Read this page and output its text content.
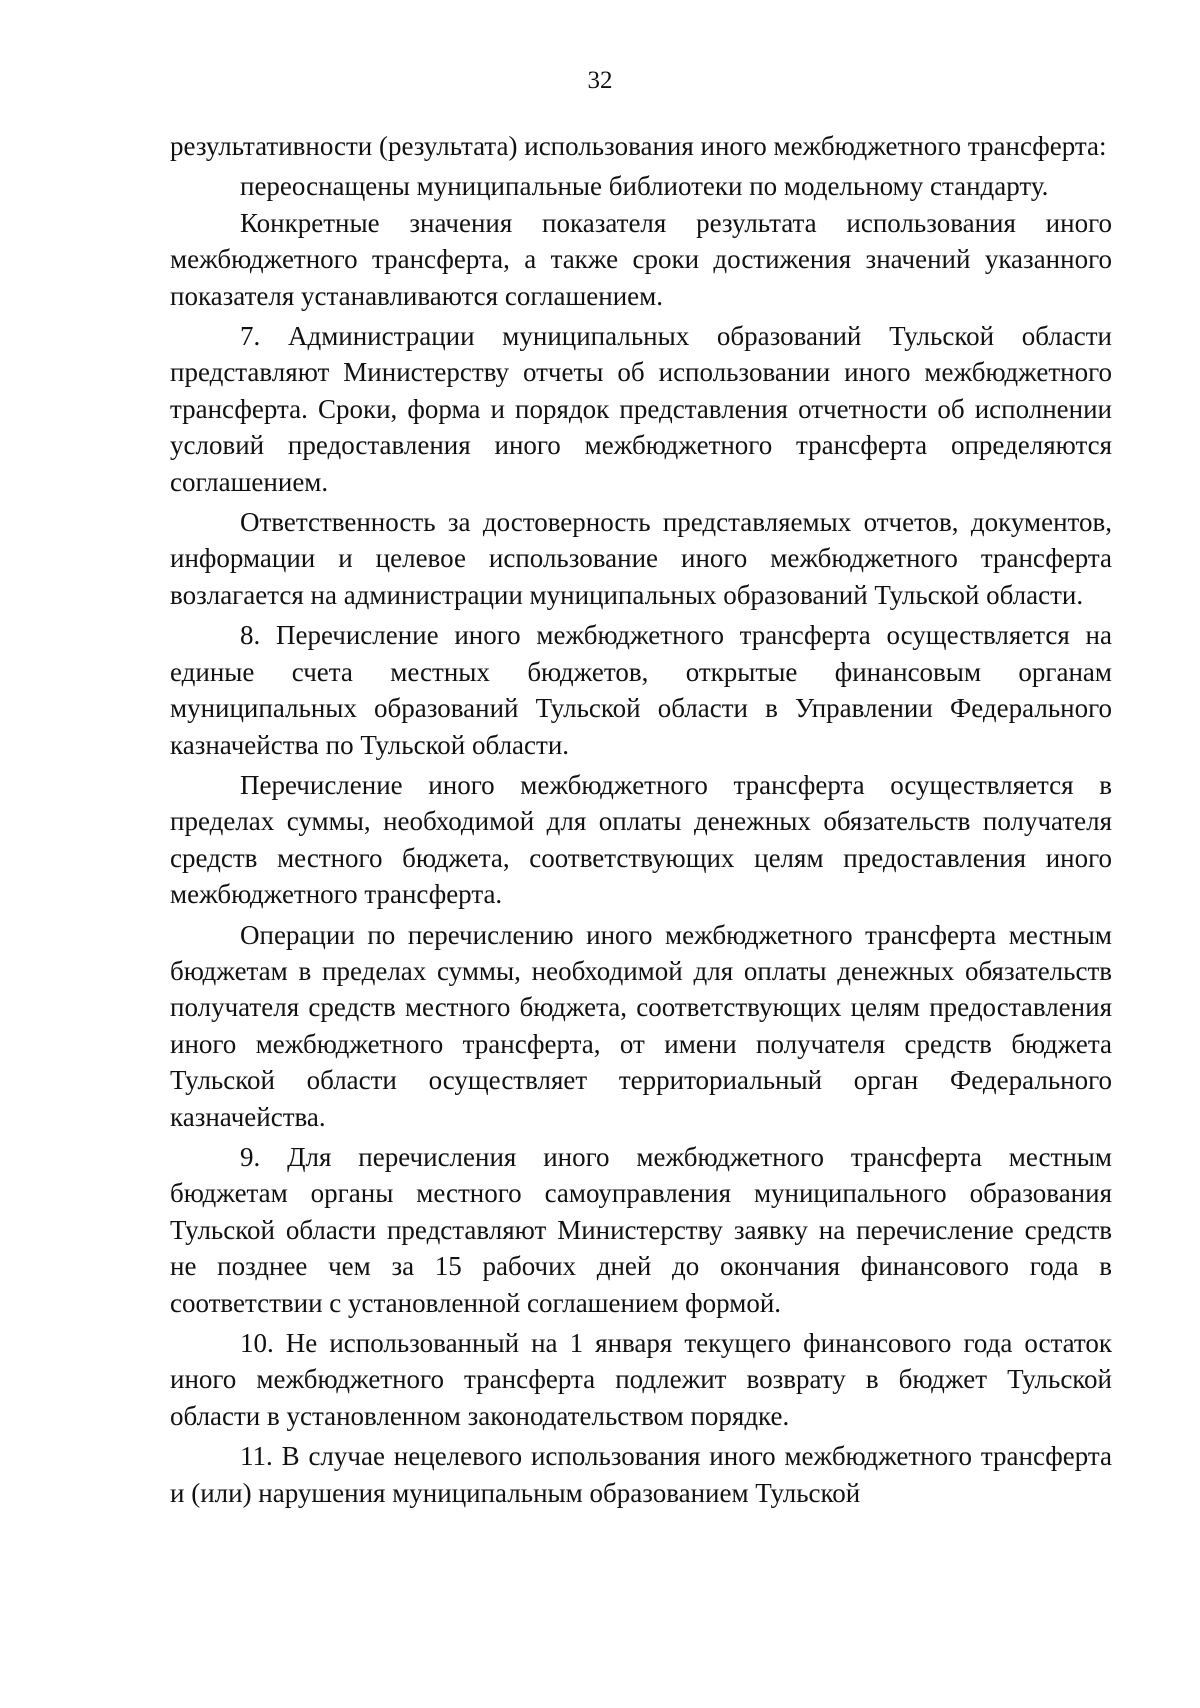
32

результативности (результата) использования иного межбюджетного трансферта:

переоснащены муниципальные библиотеки по модельному стандарту.

Конкретные значения показателя результата использования иного межбюджетного трансферта, а также сроки достижения значений указанного показателя устанавливаются соглашением.

7. Администрации муниципальных образований Тульской области представляют Министерству отчеты об использовании иного межбюджетного трансферта. Сроки, форма и порядок представления отчетности об исполнении условий предоставления иного межбюджетного трансферта определяются соглашением.

Ответственность за достоверность представляемых отчетов, документов, информации и целевое использование иного межбюджетного трансферта возлагается на администрации муниципальных образований Тульской области.

8. Перечисление иного межбюджетного трансферта осуществляется на единые счета местных бюджетов, открытые финансовым органам муниципальных образований Тульской области в Управлении Федерального казначейства по Тульской области.

Перечисление иного межбюджетного трансферта осуществляется в пределах суммы, необходимой для оплаты денежных обязательств получателя средств местного бюджета, соответствующих целям предоставления иного межбюджетного трансферта.

Операции по перечислению иного межбюджетного трансферта местным бюджетам в пределах суммы, необходимой для оплаты денежных обязательств получателя средств местного бюджета, соответствующих целям предоставления иного межбюджетного трансферта, от имени получателя средств бюджета Тульской области осуществляет территориальный орган Федерального казначейства.

9. Для перечисления иного межбюджетного трансферта местным бюджетам органы местного самоуправления муниципального образования Тульской области представляют Министерству заявку на перечисление средств не позднее чем за 15 рабочих дней до окончания финансового года в соответствии с установленной соглашением формой.

10. Не использованный на 1 января текущего финансового года остаток иного межбюджетного трансферта подлежит возврату в бюджет Тульской области в установленном законодательством порядке.

11. В случае нецелевого использования иного межбюджетного трансферта и (или) нарушения муниципальным образованием Тульской
